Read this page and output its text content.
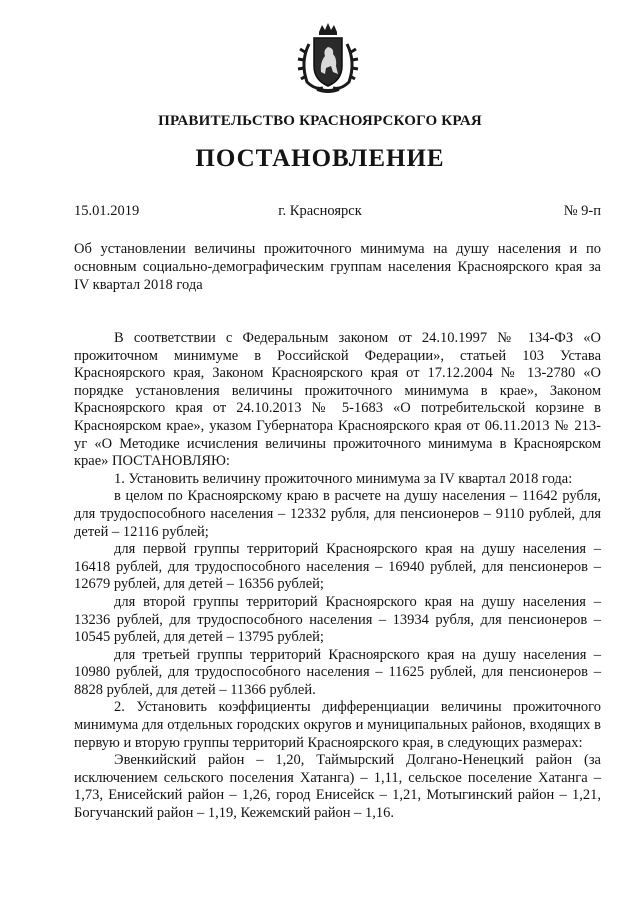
ПРАВИТЕЛЬСТВО КРАСНОЯРСКОГО КРАЯ
ПОСТАНОВЛЕНИЕ
15.01.2019	г. Красноярск	№ 9-п
Об установлении величины прожиточного минимума на душу населения и по основным социально-демографическим группам населения Красноярского края за IV квартал 2018 года

В соответствии с Федеральным законом от 24.10.1997 № 134-ФЗ «О прожиточном минимуме в Российской Федерации», статьей 103 Устава Красноярского края, Законом Красноярского края от 17.12.2004 № 13-2780 «О порядке установления величины прожиточного минимума в крае», Законом Красноярского края от 24.10.2013 № 5-1683 «О потребительской корзине в Красноярском крае», указом Губернатора Красноярского края от 06.11.2013 № 213-уг «О Методике исчисления величины прожиточного минимума в Красноярском крае» ПОСТАНОВЛЯЮ:

1. Установить величину прожиточного минимума за IV квартал 2018 года:

в целом по Красноярскому краю в расчете на душу населения – 11642 рубля, для трудоспособного населения – 12332 рубля, для пенсионеров – 9110 рублей, для детей – 12116 рублей;

для первой группы территорий Красноярского края на душу населения – 16418 рублей, для трудоспособного населения – 16940 рублей, для пенсионеров – 12679 рублей, для детей – 16356 рублей;

для второй группы территорий Красноярского края на душу населения – 13236 рублей, для трудоспособного населения – 13934 рубля, для пенсионеров – 10545 рублей, для детей – 13795 рублей;

для третьей группы территорий Красноярского края на душу населения – 10980 рублей, для трудоспособного населения – 11625 рублей, для пенсионеров – 8828 рублей, для детей – 11366 рублей.

2. Установить коэффициенты дифференциации величины прожиточного минимума для отдельных городских округов и муниципальных районов, входящих в первую и вторую группы территорий Красноярского края, в следующих размерах:

Эвенкийский район – 1,20, Таймырский Долгано-Ненецкий район (за исключением сельского поселения Хатанга) – 1,11, сельское поселение Хатанга – 1,73, Енисейский район – 1,26, город Енисейск – 1,21, Мотыгинский район – 1,21, Богучанский район – 1,19, Кежемский район – 1,16.
